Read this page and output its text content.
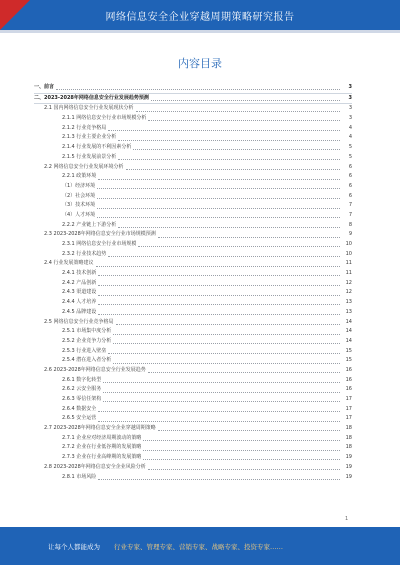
网络信息安全企业穿越周期策略研究报告
内容目录
一、前言	3
二、2023-2028年网络信息安全行业发展趋势预测	3
2.1 国内网络信息安全行业发展现状分析	3
2.1.1 网络信息安全行业市场规模分析	3
2.1.2 行业竞争格局	4
2.1.3 行业主要企业分析	4
2.1.4 行业发展的不利因素分析	5
2.1.5 行业发展前景分析	5
2.2 网络信息安全行业发展环境分析	6
2.2.1 政策环境	6
（1）经济环境	6
（2）社会环境	6
（3）技术环境	7
（4）人才环境	7
2.2.2 产业链上下游分析	8
2.3 2023-2028年网络信息安全行业市场规模预测	9
2.3.1 网络信息安全行业市场规模	10
2.3.2 行业技术趋势	10
2.4 行业发展策略建议	11
2.4.1 技术创新	11
2.4.2 产品创新	12
2.4.3 渠道建设	12
2.4.4 人才培养	13
2.4.5 品牌建设	13
2.5 网络信息安全行业竞争格局	14
2.5.1 市场集中度分析	14
2.5.2 企业竞争力分析	14
2.5.3 行业进入壁垒	15
2.5.4 潜在进入者分析	15
2.6 2023-2028年网络信息安全行业发展趋势	16
2.6.1 数字化转型	16
2.6.2 云安全服务	16
2.6.3 零信任架构	17
2.6.4 数据安全	17
2.6.5 安全运营	17
2.7 2023-2028年网络信息安全企业穿越周期策略	18
2.7.1 企业应对经济周期波动的策略	18
2.7.2 企业在行业低谷期的发展策略	18
2.7.3 企业在行业高峰期的发展策略	19
2.8 2023-2028年网络信息安全企业风险分析	19
2.8.1 市场风险	19
1
让每个人都能成为 行业专家、管理专家、营销专家、战略专家、投资专家……
